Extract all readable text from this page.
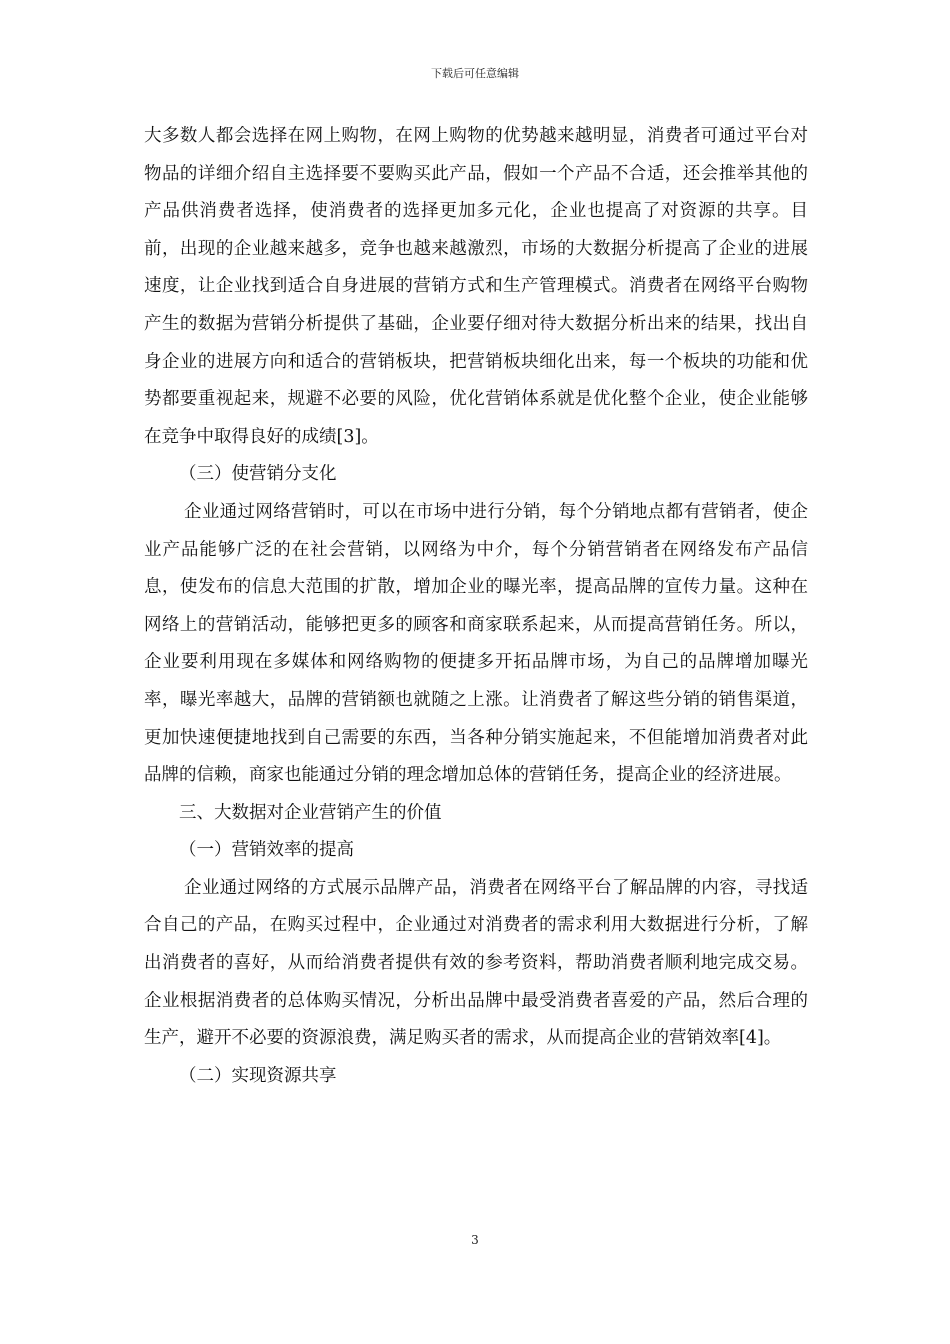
下载后可任意编辑

大多数人都会选择在网上购物，在网上购物的优势越来越明显，消费者可通过平台对物品的详细介绍自主选择要不要购买此产品，假如一个产品不合适，还会推举其他的产品供消费者选择，使消费者的选择更加多元化，企业也提高了对资源的共享。目前，出现的企业越来越多，竞争也越来越激烈，市场的大数据分析提高了企业的进展速度，让企业找到适合自身进展的营销方式和生产管理模式。消费者在网络平台购物产生的数据为营销分析提供了基础，企业要仔细对待大数据分析出来的结果，找出自身企业的进展方向和适合的营销板块，把营销板块细化出来，每一个板块的功能和优势都要重视起来，规避不必要的风险，优化营销体系就是优化整个企业，使企业能够在竞争中取得良好的成绩[3]。

（三）使营销分支化

企业通过网络营销时，可以在市场中进行分销，每个分销地点都有营销者，使企业产品能够广泛的在社会营销，以网络为中介，每个分销营销者在网络发布产品信息，使发布的信息大范围的扩散，增加企业的曝光率，提高品牌的宣传力量。这种在网络上的营销活动，能够把更多的顾客和商家联系起来，从而提高营销任务。所以，企业要利用现在多媒体和网络购物的便捷多开拓品牌市场，为自己的品牌增加曝光率，曝光率越大，品牌的营销额也就随之上涨。让消费者了解这些分销的销售渠道，更加快速便捷地找到自己需要的东西，当各种分销实施起来，不但能增加消费者对此品牌的信赖，商家也能通过分销的理念增加总体的营销任务，提高企业的经济进展。

三、大数据对企业营销产生的价值

（一）营销效率的提高

企业通过网络的方式展示品牌产品，消费者在网络平台了解品牌的内容，寻找适合自己的产品，在购买过程中，企业通过对消费者的需求利用大数据进行分析，了解出消费者的喜好，从而给消费者提供有效的参考资料，帮助消费者顺利地完成交易。企业根据消费者的总体购买情况，分析出品牌中最受消费者喜爱的产品，然后合理的生产，避开不必要的资源浪费，满足购买者的需求，从而提高企业的营销效率[4]。

（二）实现资源共享

3
